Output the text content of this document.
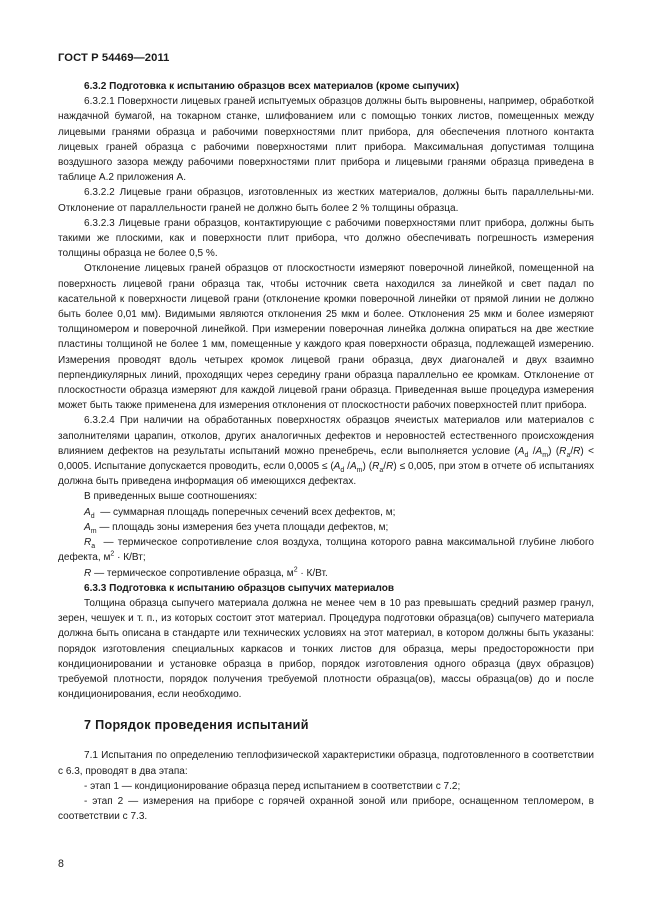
ГОСТ Р 54469—2011

6.3.2 Подготовка к испытанию образцов всех материалов (кроме сыпучих)

6.3.2.1 Поверхности лицевых граней испытуемых образцов должны быть выровнены, например, обработкой наждачной бумагой, на токарном станке, шлифованием или с помощью тонких листов, помещенных между лицевыми гранями образца и рабочими поверхностями плит прибора, для обеспечения плотного контакта лицевых граней образца с рабочими поверхностями плит прибора. Максимальная допустимая толщина воздушного зазора между рабочими поверхностями плит прибора и лицевыми гранями образца приведена в таблице А.2 приложения А.

6.3.2.2 Лицевые грани образцов, изготовленных из жестких материалов, должны быть параллельны-ми. Отклонение от параллельности граней не должно быть более 2 % толщины образца.

6.3.2.3 Лицевые грани образцов, контактирующие с рабочими поверхностями плит прибора, должны быть такими же плоскими, как и поверхности плит прибора, что должно обеспечивать погрешность измерения толщины образца не более 0,5 %.

Отклонение лицевых граней образцов от плоскостности измеряют поверочной линейкой, помещенной на поверхность лицевой грани образца так, чтобы источник света находился за линейкой и свет падал по касательной к поверхности лицевой грани (отклонение кромки поверочной линейки от прямой линии не должно быть более 0,01 мм). Видимыми являются отклонения 25 мкм и более. Отклонения 25 мкм и более измеряют толщиномером и поверочной линейкой. При измерении поверочная линейка должна опираться на две жесткие пластины толщиной не более 1 мм, помещенные у каждого края поверхности образца, подлежащей измерению. Измерения проводят вдоль четырех кромок лицевой грани образца, двух диагоналей и двух взаимно перпендикулярных линий, проходящих через середину грани образца параллельно ее кромкам. Отклонение от плоскостности образца измеряют для каждой лицевой грани образца. Приведенная выше процедура измерения может быть также применена для измерения отклонения от плоскостности рабочих поверхностей плит прибора.

6.3.2.4 При наличии на обработанных поверхностях образцов ячеистых материалов или материалов с заполнителями царапин, отколов, других аналогичных дефектов и неровностей естественного происхождения влиянием дефектов на результаты испытаний можно пренебречь, если выполняется условие ($A_d$ $/A_m$) $(R_a/R) < 0,0005$. Испытание допускается проводить, если $0,0005 \le (A_d$ $/A_m$) $(R_a/R) \le 0,005$, при этом в отчете об испытаниях должна быть приведена информация об имеющихся дефектах.

В приведенных выше соотношениях:

$A_d$ — суммарная площадь поперечных сечений всех дефектов, м;

$A_m$ — площадь зоны измерения без учета площади дефектов, м;

$R_a$ — термическое сопротивление слоя воздуха, толщина которого равна максимальной глубине любого дефекта, $м^2 \cdot К/Вт$;

R — термическое сопротивление образца, $м^2 \cdot К/Вт$.

6.3.3 Подготовка к испытанию образцов сыпучих материалов

Толщина образца сыпучего материала должна не менее чем в 10 раз превышать средний размер гранул, зерен, чешуек и т. п., из которых состоит этот материал. Процедура подготовки образца(ов) сыпучего материала должна быть описана в стандарте или технических условиях на этот материал, в котором должны быть указаны: порядок изготовления специальных каркасов и тонких листов для образца, меры предосторожности при кондиционировании и установке образца в прибор, порядок изготовления одного образца (двух образцов) требуемой плотности, порядок получения требуемой плотности образца(ов), массы образца(ов) до и после кондиционирования, если необходимо.

7 Порядок проведения испытаний

7.1 Испытания по определению теплофизической характеристики образца, подготовленного в соответствии с 6.3, проводят в два этапа:

- этап 1 — кондиционирование образца перед испытанием в соответствии с 7.2;

- этап 2 — измерения на приборе с горячей охранной зоной или приборе, оснащенном тепломером, в соответствии с 7.3.

8
